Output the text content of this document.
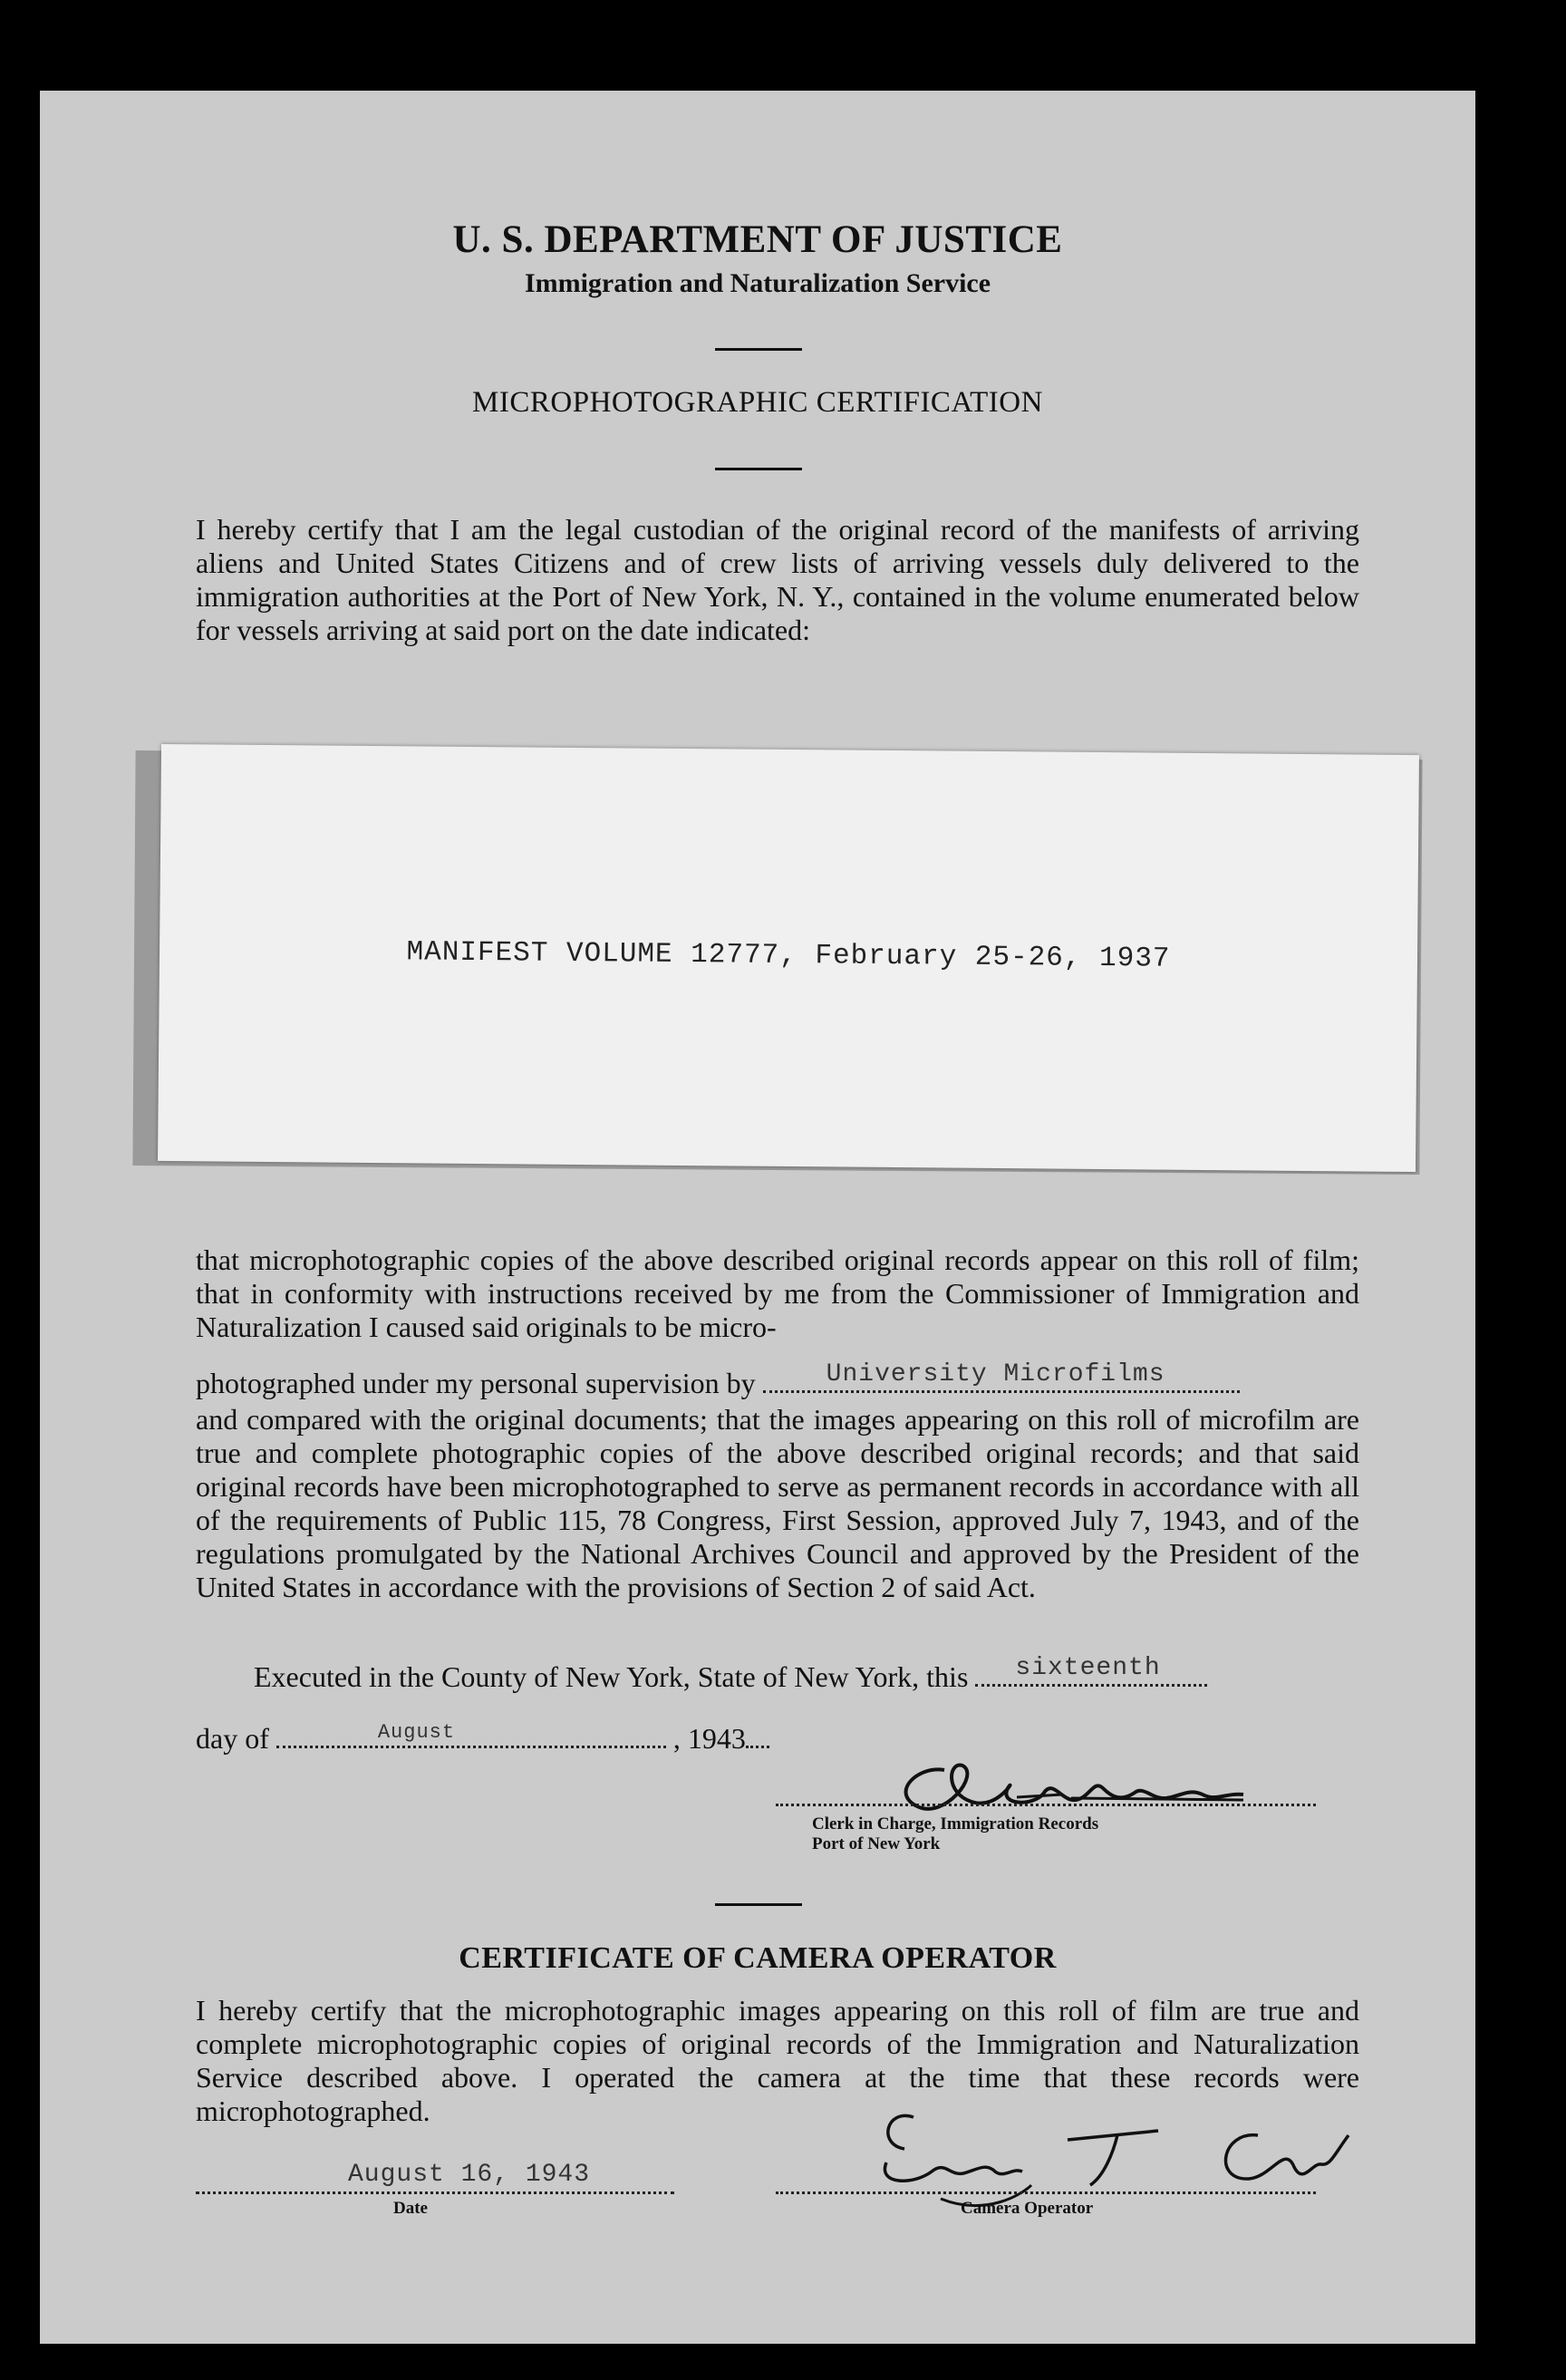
U. S. DEPARTMENT OF JUSTICE
Immigration and Naturalization Service
MICROPHOTOGRAPHIC CERTIFICATION
I hereby certify that I am the legal custodian of the original record of the manifests of arriving aliens and United States Citizens and of crew lists of arriving vessels duly delivered to the immigration authorities at the Port of New York, N. Y., contained in the volume enumerated below for vessels arriving at said port on the date indicated:
MANIFEST VOLUME 12777, February 25-26, 1937
that microphotographic copies of the above described original records appear on this roll of film; that in conformity with instructions received by me from the Commissioner of Immigration and Naturalization I caused said originals to be micro-
photographed under my personal supervision by	University Microfilms
and compared with the original documents; that the images appearing on this roll of microfilm are true and complete photographic copies of the above described original records; and that said original records have been microphotographed to serve as permanent records in accordance with all of the requirements of Public 115, 78 Congress, First Session, approved July 7, 1943, and of the regulations promulgated by the National Archives Council and approved by the President of the United States in accordance with the provisions of Section 2 of said Act.
Executed in the County of New York, State of New York, this sixteenth
day of	August	, 1943
Clerk in Charge, Immigration Records
Port of New York
CERTIFICATE OF CAMERA OPERATOR
I hereby certify that the microphotographic images appearing on this roll of film are true and complete microphotographic copies of original records of the Immigration and Naturalization Service described above. I operated the camera at the time that these records were microphotographed.
August 16, 1943
Date	Camera Operator
